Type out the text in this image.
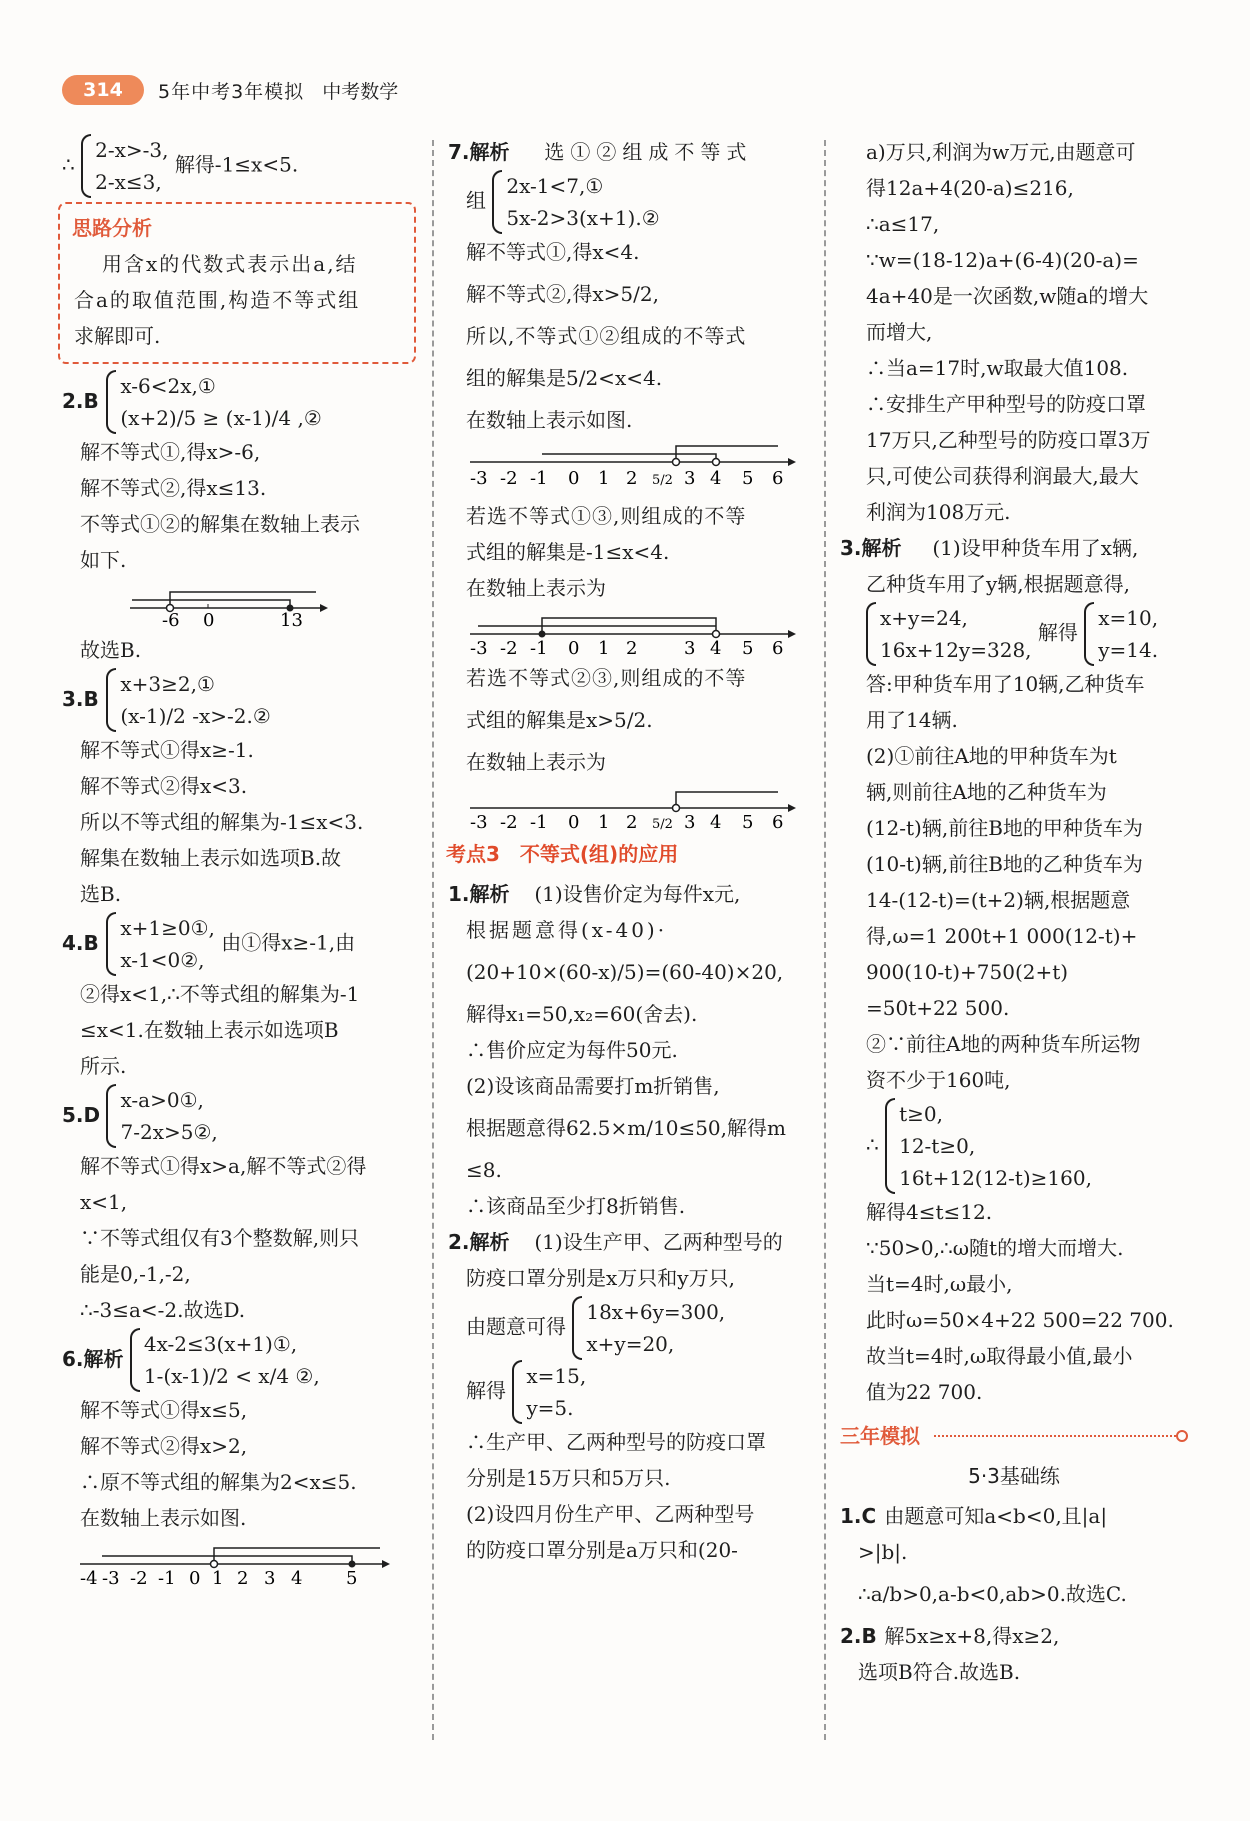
314	5年中考3年模拟 中考数学
∴
2-x>-3,
2-x≤3,
解得-1≤x<5.
思路分析
用含x的代数式表示出a,结
合a的取值范围,构造不等式组
求解即可.
2.B
x-6<2x,①
(x+2)/5 ≥ (x-1)/4 ,②
解不等式①,得x>-6,
解不等式②,得x≤13.
不等式①②的解集在数轴上表示
如下.
-6 0	13
故选B.
3.B
x+3≥2,①
(x-1)/2 -x>-2.②
解不等式①得x≥-1.
解不等式②得x<3.
所以不等式组的解集为-1≤x<3.
解集在数轴上表示如选项B.故
选B.
4.B
x+1≥0①,
x-1<0②,
由①得x≥-1,由
②得x<1,∴不等式组的解集为-1
≤x<1.在数轴上表示如选项B
所示.
5.D
x-a>0①,
7-2x>5②,
解不等式①得x>a,解不等式②得
x<1,
∵不等式组仅有3个整数解,则只
能是0,-1,-2,
∴-3≤a<-2.故选D.
6.解析
4x-2≤3(x+1)①,
1-(x-1)/2 < x/4 ②,
解不等式①得x≤5,
解不等式②得x>2,
∴原不等式组的解集为2<x≤5.
在数轴上表示如图.
-4 -3 -2 -1 0 1 2 3 4 5
7.解析 选①②组成不等式
组
2x-1<7,①
5x-2>3(x+1).②
解不等式①,得x<4.
解不等式②,得x>5/2,
所以,不等式①②组成的不等式
组的解集是5/2<x<4.
在数轴上表示如图.
-3 -2 -1 0 1 2 5/2 3 4 5 6
若选不等式①③,则组成的不等
式组的解集是-1≤x<4.
在数轴上表示为
-3 -2 -1 0 1 2	3 4 5 6
若选不等式②③,则组成的不等
式组的解集是x>5/2.
在数轴上表示为
-3 -2 -1 0 1 2 5/2 3 4 5 6
考点3　不等式(组)的应用
1.解析 (1)设售价定为每件x元,
根据题意得(x-40)·
(20+10×(60-x)/5)=(60-40)×20,
解得x₁=50,x₂=60(舍去).
∴售价应定为每件50元.
(2)设该商品需要打m折销售,
根据题意得62.5×m/10≤50,解得m
≤8.
∴该商品至少打8折销售.
2.解析 (1)设生产甲、乙两种型号的
防疫口罩分别是x万只和y万只,
由题意可得
18x+6y=300,
x+y=20,
解得
x=15,
y=5.
∴生产甲、乙两种型号的防疫口罩
分别是15万只和5万只.
(2)设四月份生产甲、乙两种型号
的防疫口罩分别是a万只和(20-
a)万只,利润为w万元,由题意可
得12a+4(20-a)≤216,
∴a≤17,
∵w=(18-12)a+(6-4)(20-a)=
4a+40是一次函数,w随a的增大
而增大,
∴当a=17时,w取最大值108.
∴安排生产甲种型号的防疫口罩
17万只,乙种型号的防疫口罩3万
只,可使公司获得利润最大,最大
利润为108万元.
3.解析 (1)设甲种货车用了x辆,
乙种货车用了y辆,根据题意得,
x+y=24,
16x+12y=328,
解得
x=10,
y=14.
答:甲种货车用了10辆,乙种货车
用了14辆.
(2)①前往A地的甲种货车为t
辆,则前往A地的乙种货车为
(12-t)辆,前往B地的甲种货车为
(10-t)辆,前往B地的乙种货车为
14-(12-t)=(t+2)辆,根据题意
得,ω=1 200t+1 000(12-t)+
900(10-t)+750(2+t)
=50t+22 500.
②∵前往A地的两种货车所运物
资不少于160吨,
∴
t≥0,
12-t≥0,
16t+12(12-t)≥160,
解得4≤t≤12.
∵50>0,∴ω随t的增大而增大.
当t=4时,ω最小,
此时ω=50×4+22 500=22 700.
故当t=4时,ω取得最小值,最小
值为22 700.
三年模拟
5·3基础练
1.C 由题意可知a<b<0,且|a|
>|b|.
∴a/b>0,a-b<0,ab>0.故选C.
2.B 解5x≥x+8,得x≥2,
选项B符合.故选B.
